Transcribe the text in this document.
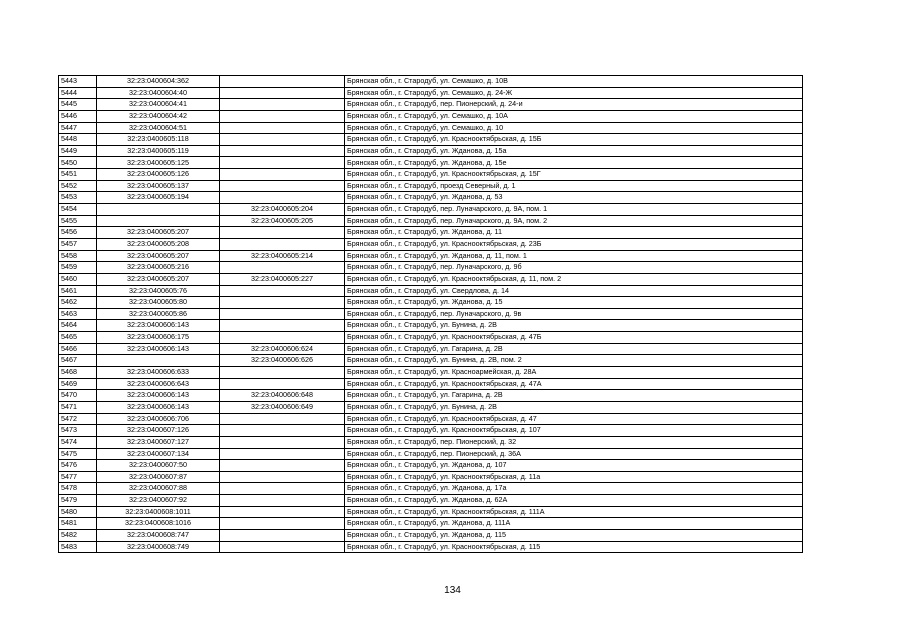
5443	32:23:0400604:362		Брянская обл., г. Стародуб, ул. Семашко, д. 10В
5444	32:23:0400604:40		Брянская обл., г. Стародуб, ул. Семашко, д. 24-Ж
5445	32:23:0400604:41		Брянская обл., г. Стародуб, пер. Пионерский, д. 24-и
5446	32:23:0400604:42		Брянская обл., г. Стародуб, ул. Семашко, д. 10А
5447	32:23:0400604:51		Брянская обл., г. Стародуб, ул. Семашко, д. 10
5448	32:23:0400605:118		Брянская обл., г. Стародуб, ул. Краснооктябрьская, д. 15Б
5449	32:23:0400605:119		Брянская обл., г. Стародуб, ул. Жданова, д. 15а
5450	32:23:0400605:125		Брянская обл., г. Стародуб, ул. Жданова, д. 15е
5451	32:23:0400605:126		Брянская обл., г. Стародуб, ул. Краснооктябрьская, д. 15Г
5452	32:23:0400605:137		Брянская обл., г. Стародуб, проезд Северный, д. 1
5453	32:23:0400605:194		Брянская обл., г. Стародуб, ул. Жданова, д. 53
5454		32:23:0400605:204	Брянская обл., г. Стародуб, пер. Луначарского, д. 9А, пом. 1
5455		32:23:0400605:205	Брянская обл., г. Стародуб, пер. Луначарского, д. 9А, пом. 2
5456	32:23:0400605:207		Брянская обл., г. Стародуб, ул. Жданова, д. 11
5457	32:23:0400605:208		Брянская обл., г. Стародуб, ул. Краснооктябрьская, д. 23Б
5458	32:23:0400605:207	32:23:0400605:214	Брянская обл., г. Стародуб, ул. Жданова, д. 11, пом. 1
5459	32:23:0400605:216		Брянская обл., г. Стародуб, пер. Луначарского, д. 9б
5460	32:23:0400605:207	32:23:0400605:227	Брянская обл., г. Стародуб, ул. Краснооктябрьская, д. 11, пом. 2
5461	32:23:0400605:76		Брянская обл., г. Стародуб, ул. Свердлова, д. 14
5462	32:23:0400605:80		Брянская обл., г. Стародуб, ул. Жданова, д. 15
5463	32:23:0400605:86		Брянская обл., г. Стародуб, пер. Луначарского, д. 9в
5464	32:23:0400606:143		Брянская обл., г. Стародуб, ул. Бунина, д. 2В
5465	32:23:0400606:175		Брянская обл., г. Стародуб, ул. Краснооктябрьская, д. 47Б
5466	32:23:0400606:143	32:23:0400606:624	Брянская обл., г. Стародуб, ул. Гагарина, д. 2В
5467		32:23:0400606:626	Брянская обл., г. Стародуб, ул. Бунина, д. 2В, пом. 2
5468	32:23:0400606:633		Брянская обл., г. Стародуб, ул. Красноармейская, д. 28А
5469	32:23:0400606:643		Брянская обл., г. Стародуб, ул. Краснооктябрьская, д. 47А
5470	32:23:0400606:143	32:23:0400606:648	Брянская обл., г. Стародуб, ул. Гагарина, д. 2В
5471	32:23:0400606:143	32:23:0400606:649	Брянская обл., г. Стародуб, ул. Бунина, д. 2В
5472	32:23:0400606:706		Брянская обл., г. Стародуб, ул. Краснооктябрьская, д. 47
5473	32:23:0400607:126		Брянская обл., г. Стародуб, ул. Краснооктябрьская, д. 107
5474	32:23:0400607:127		Брянская обл., г. Стародуб, пер. Пионерский, д. 32
5475	32:23:0400607:134		Брянская обл., г. Стародуб, пер. Пионерский, д. 36А
5476	32:23:0400607:50		Брянская обл., г. Стародуб, ул. Жданова, д. 107
5477	32:23:0400607:87		Брянская обл., г. Стародуб, ул. Краснооктябрьская, д. 11а
5478	32:23:0400607:88		Брянская обл., г. Стародуб, ул. Жданова, д. 17а
5479	32:23:0400607:92		Брянская обл., г. Стародуб, ул. Жданова, д. 62А
5480	32:23:0400608:1011		Брянская обл., г. Стародуб, ул. Краснооктябрьская, д. 111А
5481	32:23:0400608:1016		Брянская обл., г. Стародуб, ул. Жданова, д. 111А
5482	32:23:0400608:747		Брянская обл., г. Стародуб, ул. Жданова, д. 115
5483	32:23:0400608:749		Брянская обл., г. Стародуб, ул. Краснооктябрьская, д. 115
134
